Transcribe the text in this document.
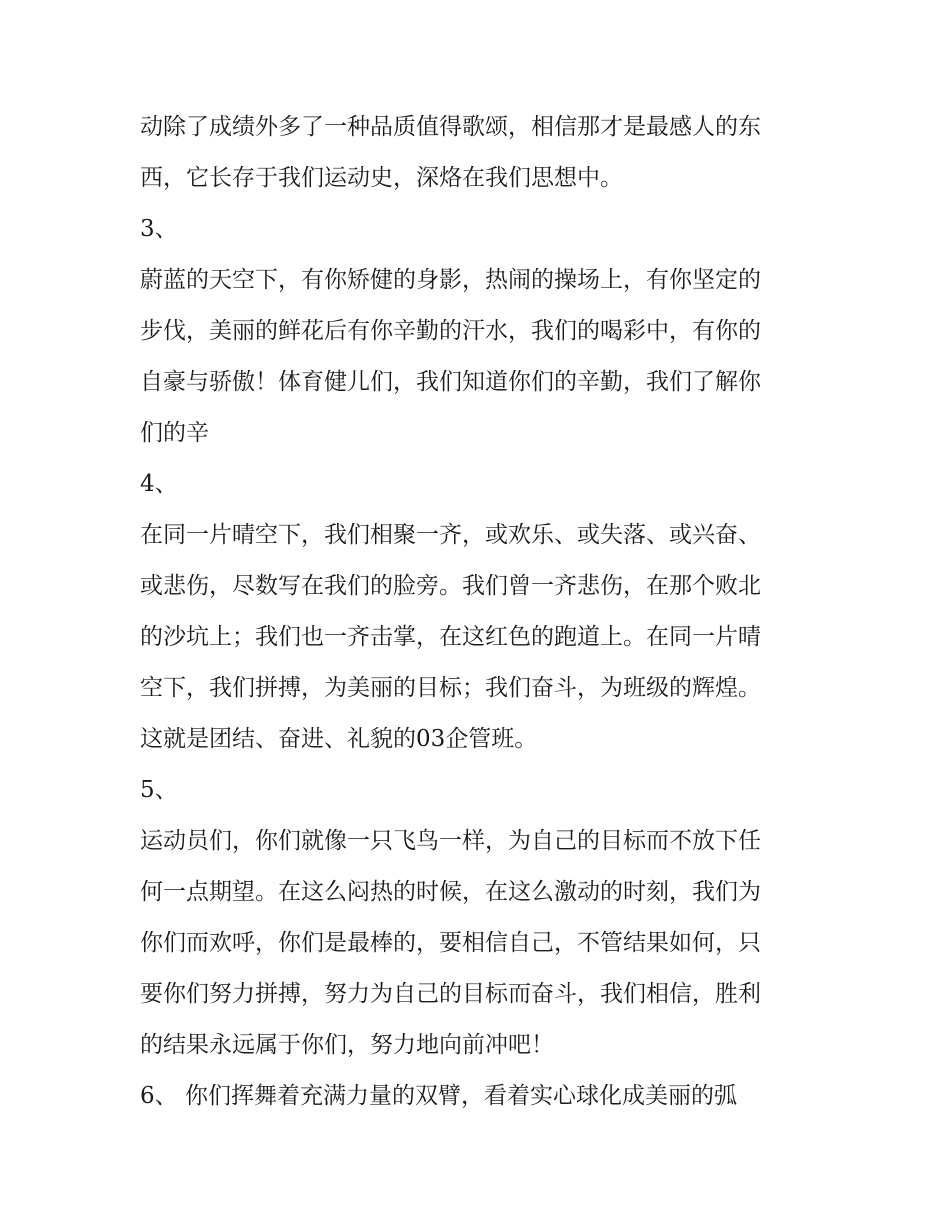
动除了成绩外多了一种品质值得歌颂，相信那才是最感人的东
西，它长存于我们运动史，深烙在我们思想中。
3、
蔚蓝的天空下，有你矫健的身影，热闹的操场上，有你坚定的
步伐，美丽的鲜花后有你辛勤的汗水，我们的喝彩中，有你的
自豪与骄傲！体育健儿们，我们知道你们的辛勤，我们了解你
们的辛
4、
在同一片晴空下，我们相聚一齐，或欢乐、或失落、或兴奋、
或悲伤，尽数写在我们的脸旁。我们曾一齐悲伤，在那个败北
的沙坑上；我们也一齐击掌，在这红色的跑道上。在同一片晴
空下，我们拼搏，为美丽的目标；我们奋斗，为班级的辉煌。
这就是团结、奋进、礼貌的03企管班。
5、
运动员们，你们就像一只飞鸟一样，为自己的目标而不放下任
何一点期望。在这么闷热的时候，在这么激动的时刻，我们为
你们而欢呼，你们是最棒的，要相信自己，不管结果如何，只
要你们努力拼搏，努力为自己的目标而奋斗，我们相信，胜利
的结果永远属于你们，努力地向前冲吧！
6、 你们挥舞着充满力量的双臂，看着实心球化成美丽的弧
